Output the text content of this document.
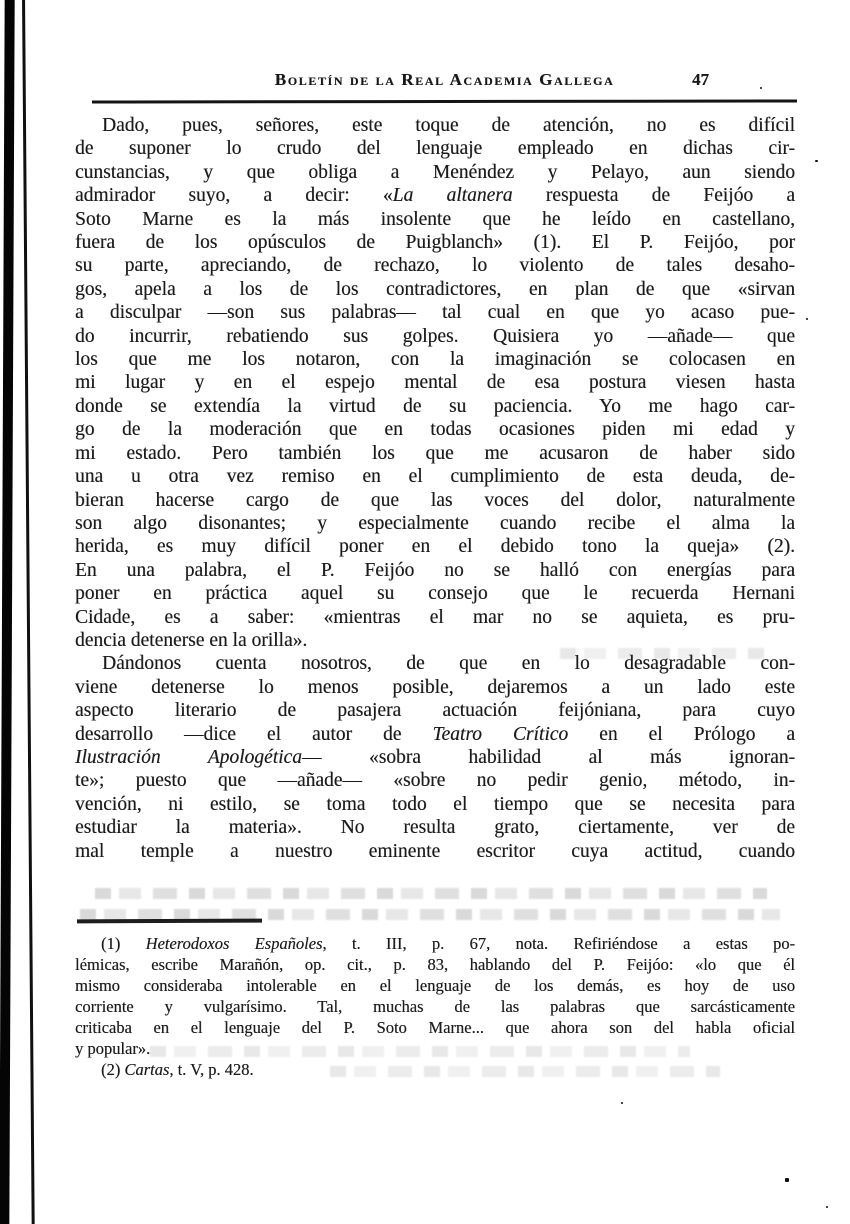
Boletín de la Real Academia Gallega	47
Dado, pues, señores, este toque de atención, no es difícil
de suponer lo crudo del lenguaje empleado en dichas cir-
cunstancias, y que obliga a Menéndez y Pelayo, aun siendo
admirador suyo, a decir: «La altanera respuesta de Feijóo a
Soto Marne es la más insolente que he leído en castellano,
fuera de los opúsculos de Puigblanch» (1). El P. Feijóo, por
su parte, apreciando, de rechazo, lo violento de tales desaho-
gos, apela a los de los contradictores, en plan de que «sirvan
a disculpar —son sus palabras— tal cual en que yo acaso pue-
do incurrir, rebatiendo sus golpes. Quisiera yo —añade— que
los que me los notaron, con la imaginación se colocasen en
mi lugar y en el espejo mental de esa postura viesen hasta
donde se extendía la virtud de su paciencia. Yo me hago car-
go de la moderación que en todas ocasiones piden mi edad y
mi estado. Pero también los que me acusaron de haber sido
una u otra vez remiso en el cumplimiento de esta deuda, de-
bieran hacerse cargo de que las voces del dolor, naturalmente
son algo disonantes; y especialmente cuando recibe el alma la
herida, es muy difícil poner en el debido tono la queja» (2).
En una palabra, el P. Feijóo no se halló con energías para
poner en práctica aquel su consejo que le recuerda Hernani
Cidade, es a saber: «mientras el mar no se aquieta, es pru-
dencia detenerse en la orilla».
Dándonos cuenta nosotros, de que en lo desagradable con-
viene detenerse lo menos posible, dejaremos a un lado este
aspecto literario de pasajera actuación feijóniana, para cuyo
desarrollo —dice el autor de Teatro Crítico en el Prólogo a
Ilustración Apologética— «sobra habilidad al más ignoran-
te»; puesto que —añade— «sobre no pedir genio, método, in-
vención, ni estilo, se toma todo el tiempo que se necesita para
estudiar la materia». No resulta grato, ciertamente, ver de
mal temple a nuestro eminente escritor cuya actitud, cuando
(1) Heterodoxos Españoles, t. III, p. 67, nota. Refiriéndose a estas po-
lémicas, escribe Marañón, op. cit., p. 83, hablando del P. Feijóo: «lo que él
mismo consideraba intolerable en el lenguaje de los demás, es hoy de uso
corriente y vulgarísimo. Tal, muchas de las palabras que sarcásticamente
criticaba en el lenguaje del P. Soto Marne... que ahora son del habla oficial
y popular».
(2) Cartas, t. V, p. 428.
